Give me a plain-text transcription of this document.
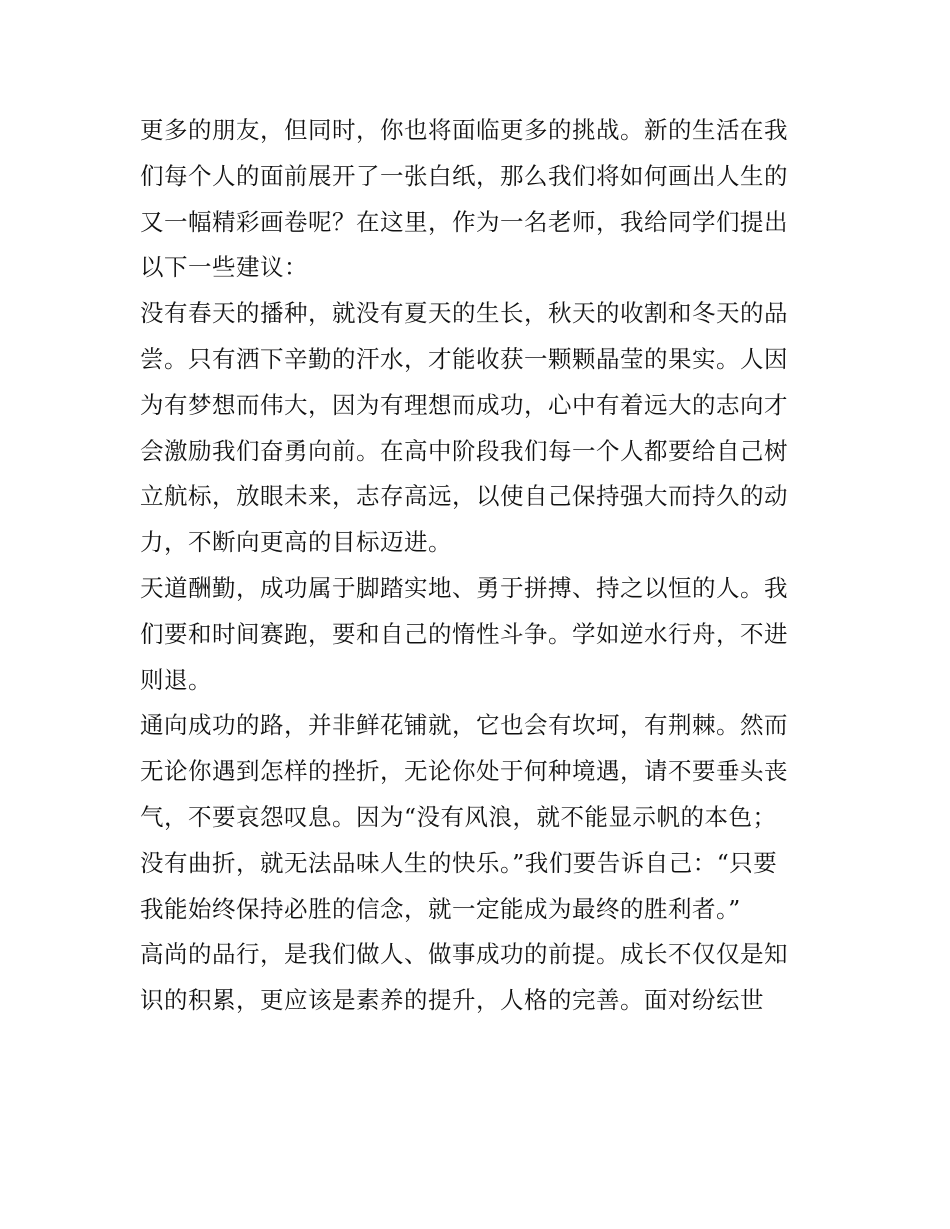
更多的朋友，但同时，你也将面临更多的挑战。新的生活在我
们每个人的面前展开了一张白纸，那么我们将如何画出人生的
又一幅精彩画卷呢？在这里，作为一名老师，我给同学们提出
以下一些建议：
没有春天的播种，就没有夏天的生长，秋天的收割和冬天的品
尝。只有洒下辛勤的汗水，才能收获一颗颗晶莹的果实。人因
为有梦想而伟大，因为有理想而成功，心中有着远大的志向才
会激励我们奋勇向前。在高中阶段我们每一个人都要给自己树
立航标，放眼未来，志存高远，以使自己保持强大而持久的动
力，不断向更高的目标迈进。
天道酬勤，成功属于脚踏实地、勇于拼搏、持之以恒的人。我
们要和时间赛跑，要和自己的惰性斗争。学如逆水行舟，不进
则退。
通向成功的路，并非鲜花铺就，它也会有坎坷，有荆棘。然而
无论你遇到怎样的挫折，无论你处于何种境遇，请不要垂头丧
气，不要哀怨叹息。因为“没有风浪，就不能显示帆的本色；
没有曲折，就无法品味人生的快乐。”我们要告诉自己：“只要
我能始终保持必胜的信念，就一定能成为最终的胜利者。”
高尚的品行，是我们做人、做事成功的前提。成长不仅仅是知
识的积累，更应该是素养的提升，人格的完善。面对纷纭世
